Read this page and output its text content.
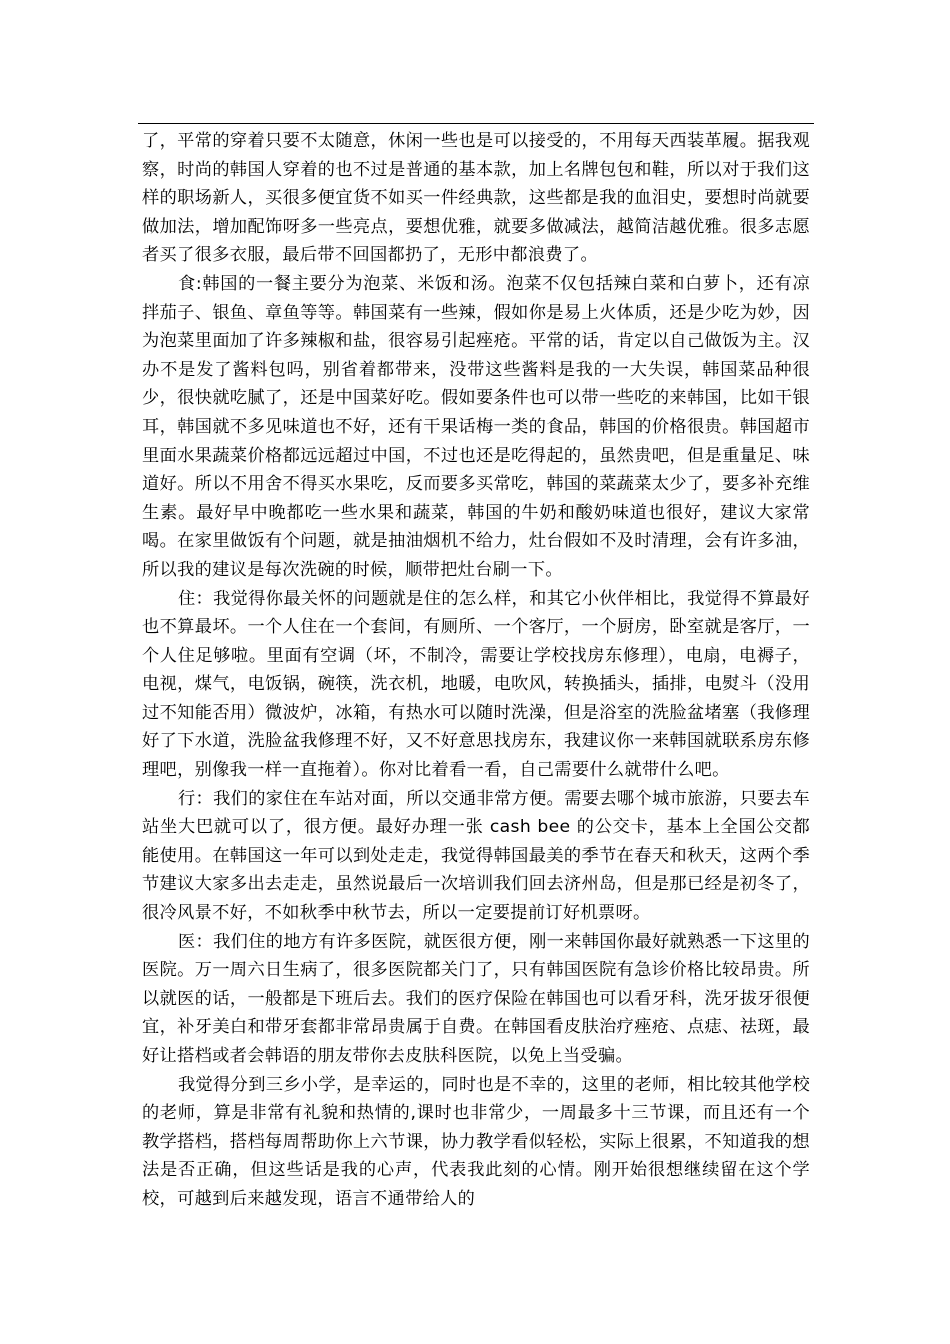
了，平常的穿着只要不太随意，休闲一些也是可以接受的，不用每天西装革履。据我观察，时尚的韩国人穿着的也不过是普通的基本款，加上名牌包包和鞋，所以对于我们这样的职场新人，买很多便宜货不如买一件经典款，这些都是我的血泪史，要想时尚就要做加法，增加配饰呀多一些亮点，要想优雅，就要多做减法，越简洁越优雅。很多志愿者买了很多衣服，最后带不回国都扔了，无形中都浪费了。

食:韩国的一餐主要分为泡菜、米饭和汤。泡菜不仅包括辣白菜和白萝卜，还有凉拌茄子、银鱼、章鱼等等。韩国菜有一些辣，假如你是易上火体质，还是少吃为妙，因为泡菜里面加了许多辣椒和盐，很容易引起痤疮。平常的话，肯定以自己做饭为主。汉办不是发了酱料包吗，别省着都带来，没带这些酱料是我的一大失误，韩国菜品种很少，很快就吃腻了，还是中国菜好吃。假如要条件也可以带一些吃的来韩国，比如干银耳，韩国就不多见味道也不好，还有干果话梅一类的食品，韩国的价格很贵。韩国超市里面水果蔬菜价格都远远超过中国，不过也还是吃得起的，虽然贵吧，但是重量足、味道好。所以不用舍不得买水果吃，反而要多买常吃，韩国的菜蔬菜太少了，要多补充维生素。最好早中晚都吃一些水果和蔬菜，韩国的牛奶和酸奶味道也很好，建议大家常喝。在家里做饭有个问题，就是抽油烟机不给力，灶台假如不及时清理，会有许多油，所以我的建议是每次洗碗的时候，顺带把灶台刷一下。

住：我觉得你最关怀的问题就是住的怎么样，和其它小伙伴相比，我觉得不算最好也不算最坏。一个人住在一个套间，有厕所、一个客厅，一个厨房，卧室就是客厅，一个人住足够啦。里面有空调（坏，不制冷，需要让学校找房东修理），电扇，电褥子，电视，煤气，电饭锅，碗筷，洗衣机，地暖，电吹风，转换插头，插排，电熨斗（没用过不知能否用）微波炉，冰箱，有热水可以随时洗澡，但是浴室的洗脸盆堵塞（我修理好了下水道，洗脸盆我修理不好，又不好意思找房东，我建议你一来韩国就联系房东修理吧，别像我一样一直拖着）。你对比着看一看，自己需要什么就带什么吧。

行：我们的家住在车站对面，所以交通非常方便。需要去哪个城市旅游，只要去车站坐大巴就可以了，很方便。最好办理一张 cash bee 的公交卡，基本上全国公交都能使用。在韩国这一年可以到处走走，我觉得韩国最美的季节在春天和秋天，这两个季节建议大家多出去走走，虽然说最后一次培训我们回去济州岛，但是那已经是初冬了，很冷风景不好，不如秋季中秋节去，所以一定要提前订好机票呀。

医：我们住的地方有许多医院，就医很方便，刚一来韩国你最好就熟悉一下这里的医院。万一周六日生病了，很多医院都关门了，只有韩国医院有急诊价格比较昂贵。所以就医的话，一般都是下班后去。我们的医疗保险在韩国也可以看牙科，洗牙拔牙很便宜，补牙美白和带牙套都非常昂贵属于自费。在韩国看皮肤治疗痤疮、点痣、祛斑，最好让搭档或者会韩语的朋友带你去皮肤科医院，以免上当受骗。

我觉得分到三乡小学，是幸运的，同时也是不幸的，这里的老师，相比较其他学校的老师，算是非常有礼貌和热情的,课时也非常少，一周最多十三节课，而且还有一个教学搭档，搭档每周帮助你上六节课，协力教学看似轻松，实际上很累，不知道我的想法是否正确，但这些话是我的心声，代表我此刻的心情。刚开始很想继续留在这个学校，可越到后来越发现，语言不通带给人的
